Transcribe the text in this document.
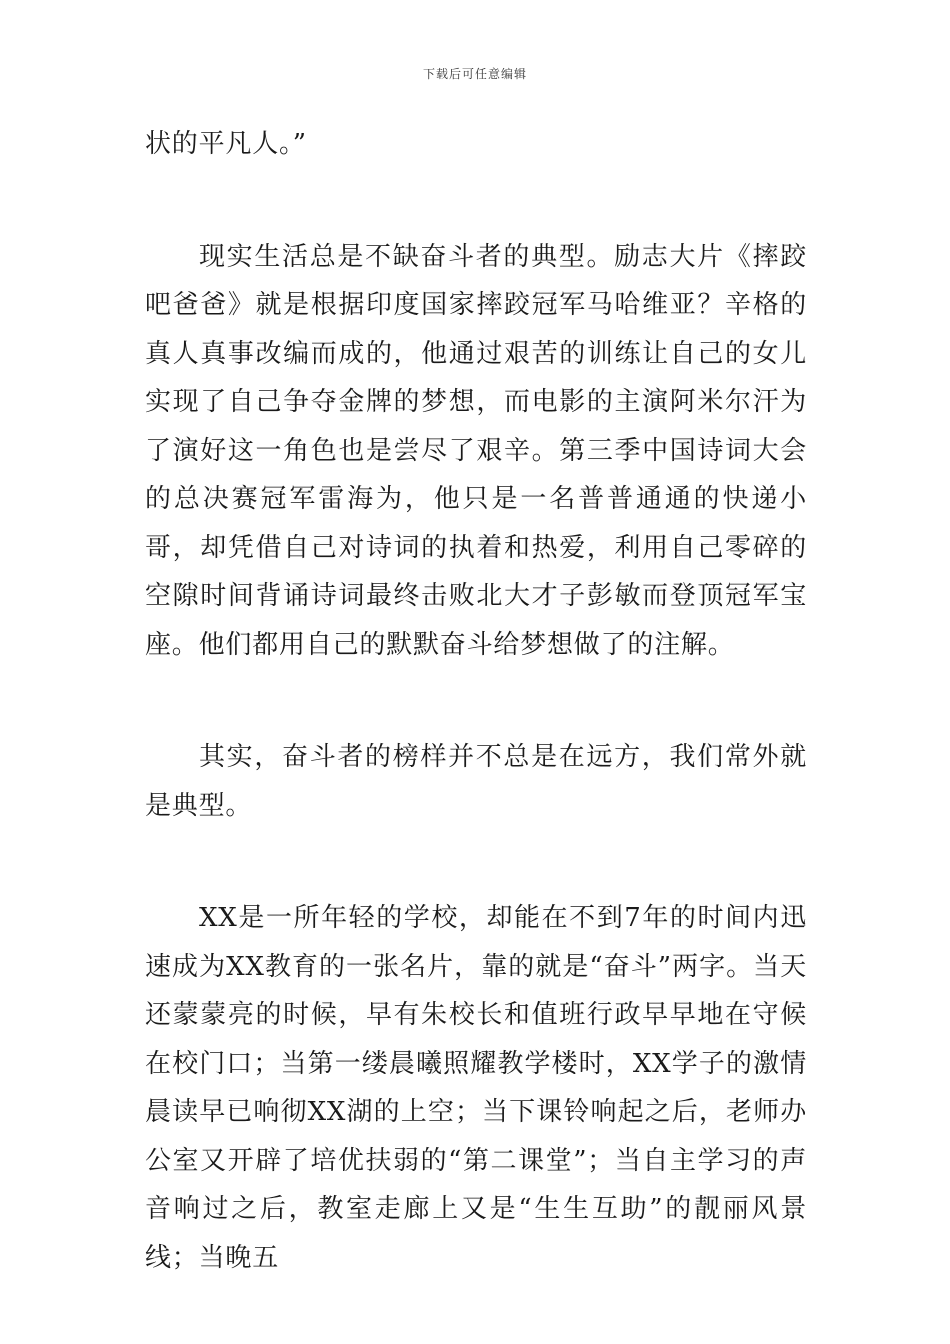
下载后可任意编辑

状的平凡人。”

现实生活总是不缺奋斗者的典型。励志大片《摔跤吧爸爸》就是根据印度国家摔跤冠军马哈维亚？辛格的真人真事改编而成的，他通过艰苦的训练让自己的女儿实现了自己争夺金牌的梦想，而电影的主演阿米尔汗为了演好这一角色也是尝尽了艰辛。第三季中国诗词大会的总决赛冠军雷海为，他只是一名普普通通的快递小哥，却凭借自己对诗词的执着和热爱，利用自己零碎的空隙时间背诵诗词最终击败北大才子彭敏而登顶冠军宝座。他们都用自己的默默奋斗给梦想做了的注解。

其实，奋斗者的榜样并不总是在远方，我们常外就是典型。

XX是一所年轻的学校，却能在不到7年的时间内迅速成为XX教育的一张名片，靠的就是“奋斗”两字。当天还蒙蒙亮的时候，早有朱校长和值班行政早早地在守候在校门口；当第一缕晨曦照耀教学楼时，XX学子的激情晨读早已响彻XX湖的上空；当下课铃响起之后，老师办公室又开辟了培优扶弱的“第二课堂”；当自主学习的声音响过之后，教室走廊上又是“生生互助”的靓丽风景线；当晚五
